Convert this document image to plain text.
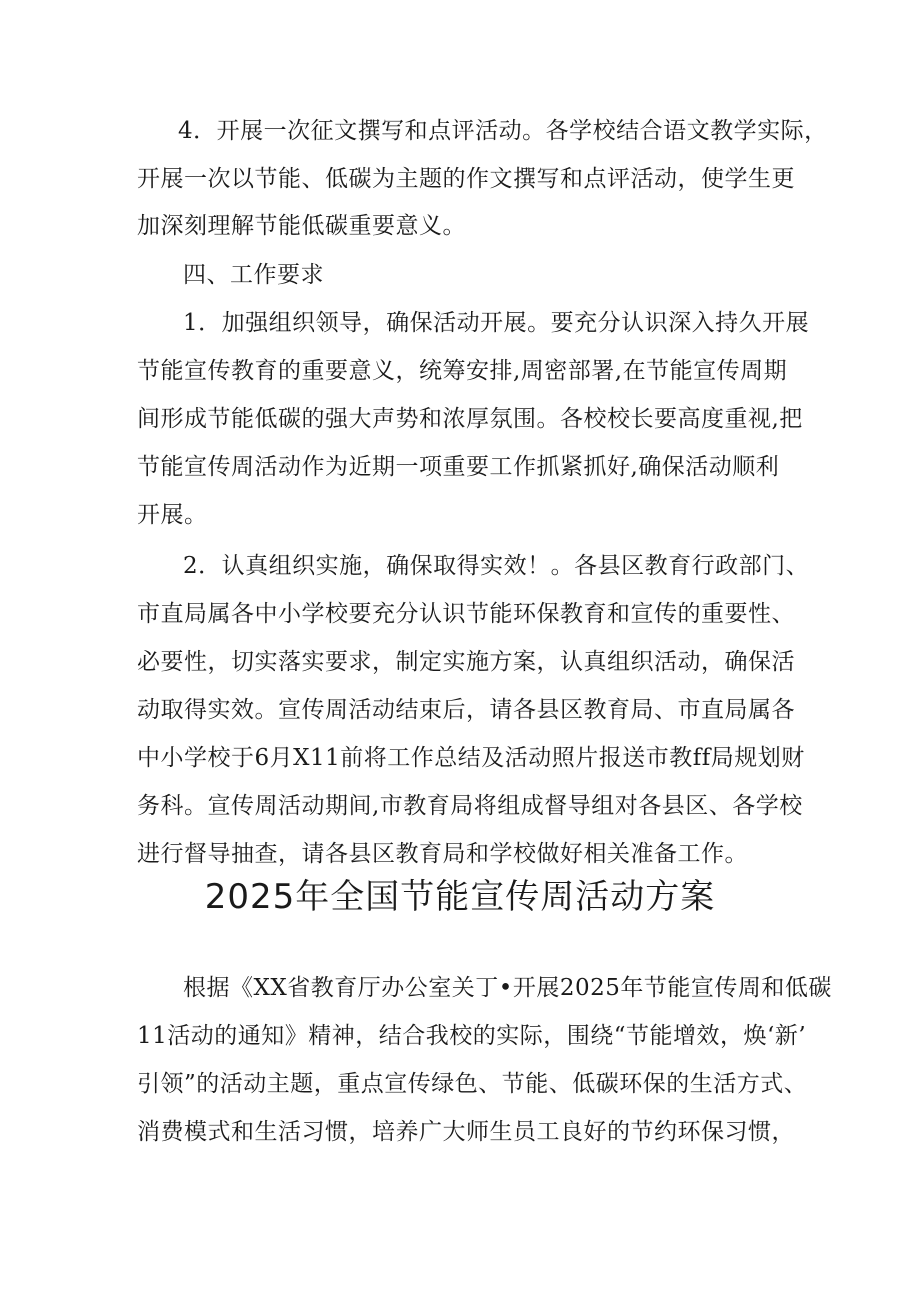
4．开展一次征文撰写和点评活动。各学校结合语文教学实际，
开展一次以节能、低碳为主题的作文撰写和点评活动，使学生更
加深刻理解节能低碳重要意义。
四、工作要求
1．加强组织领导，确保活动开展。要充分认识深入持久开展
节能宣传教育的重要意义，统筹安排,周密部署,在节能宣传周期
间形成节能低碳的强大声势和浓厚氛围。各校校长要高度重视,把
节能宣传周活动作为近期一项重要工作抓紧抓好,确保活动顺利
开展。
2．认真组织实施，确保取得实效！。各县区教育行政部门、
市直局属各中小学校要充分认识节能环保教育和宣传的重要性、
必要性，切实落实要求，制定实施方案，认真组织活动，确保活
动取得实效。宣传周活动结束后，请各县区教育局、市直局属各
中小学校于6月X11前将工作总结及活动照片报送市教ff局规划财
务科。宣传周活动期间,市教育局将组成督导组对各县区、各学校
进行督导抽查，请各县区教育局和学校做好相关准备工作。
2025年全国节能宣传周活动方案
根据《XX省教育厅办公室关丁•开展2025年节能宣传周和低碳
11活动的通知》精神，结合我校的实际，围绕“节能增效，焕‘新’
引领”的活动主题，重点宣传绿色、节能、低碳环保的生活方式、
消费模式和生活习惯，培养广大师生员工良好的节约环保习惯，
